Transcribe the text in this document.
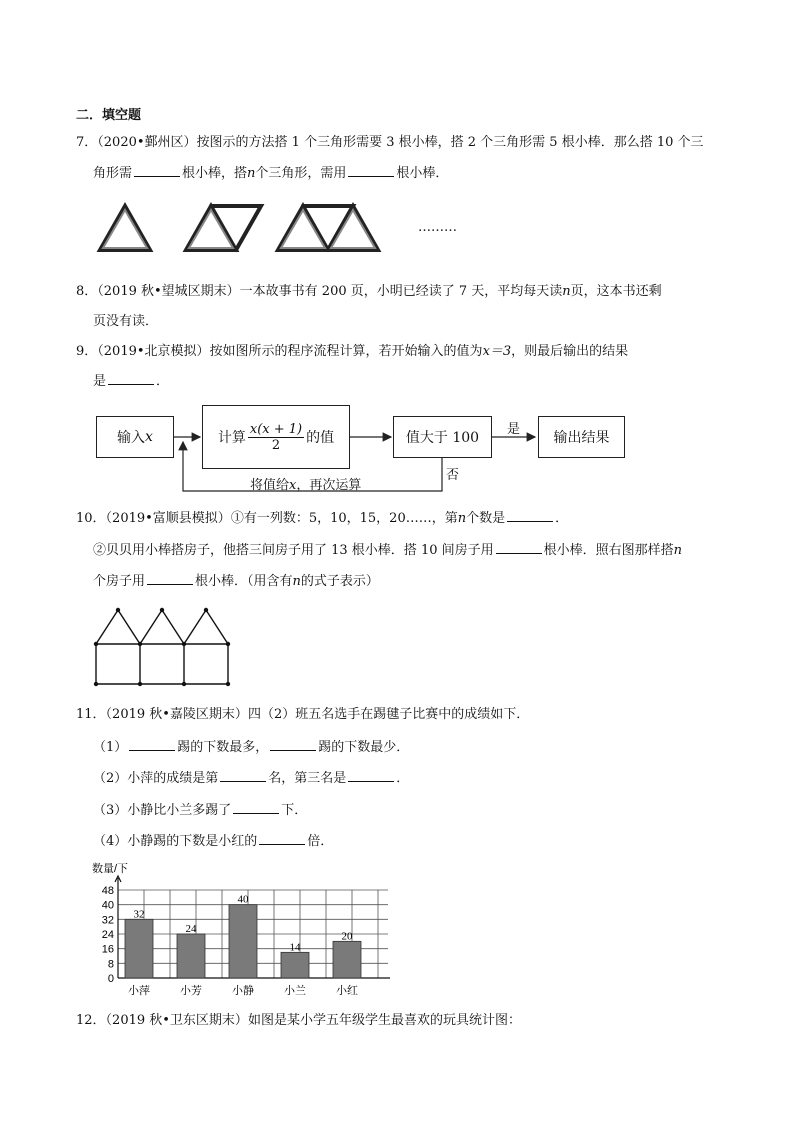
二．填空题
7．（2020•鄞州区）按图示的方法搭 1 个三角形需要 3 根小棒，搭 2 个三角形需 5 根小棒．那么搭 10 个三
角形需	根小棒，搭n个三角形，需用	根小棒．
………
8．（2019 秋•望城区期末）一本故事书有 200 页，小明已经读了 7 天，平均每天读n页，这本书还剩
页没有读．
9．（2019•北京模拟）按如图所示的程序流程计算，若开始输入的值为x＝3，则最后输出的结果
是	．
输入 x	计算 $\frac{x(x + 1)}{2}$ 的值	值大于 100	输出结果
是
否
将值给x，再次运算
10．（2019•富顺县模拟）①有一列数：5，10，15，20……，第n个数是	．
②贝贝用小棒搭房子，他搭三间房子用了 13 根小棒．搭 10 间房子用	根小棒．照右图那样搭n
个房子用	根小棒．（用含有n的式子表示）
11．（2019 秋•嘉陵区期末）四（2）班五名选手在踢毽子比赛中的成绩如下．
（1）	踢的下数最多，	踢的下数最少．
（2）小萍的成绩是第	名，第三名是	．
（3）小静比小兰多踢了	下．
（4）小静踢的下数是小红的	倍．
数量/下
0
8
16
24
32
40
48
32
小萍
24
小芳
40
小静
14
小兰
20
小红
12．（2019 秋•卫东区期末）如图是某小学五年级学生最喜欢的玩具统计图：
